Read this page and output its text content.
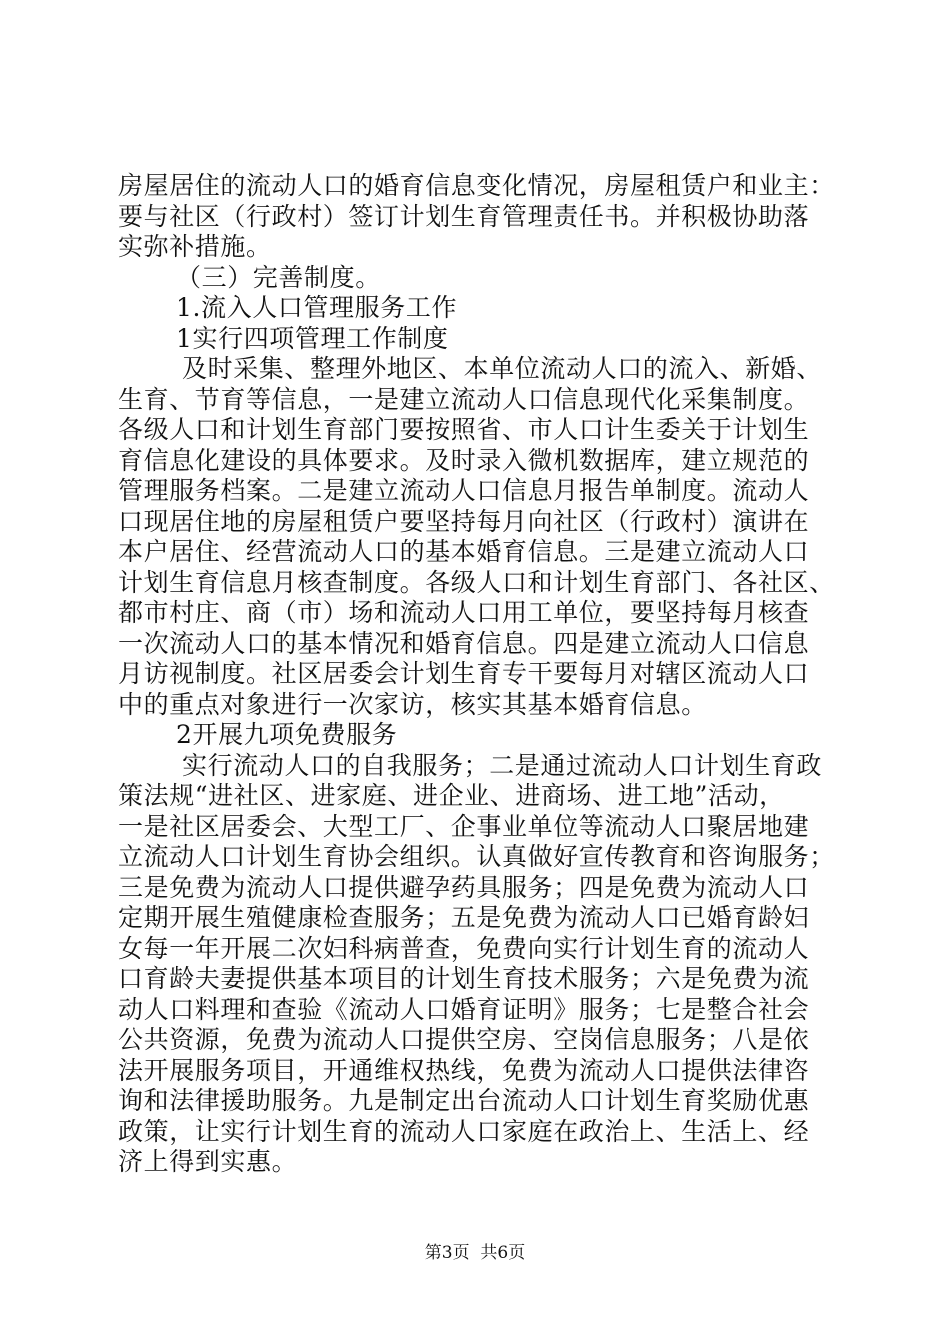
房屋居住的流动人口的婚育信息变化情况，房屋租赁户和业主：
要与社区（行政村）签订计划生育管理责任书。并积极协助落
实弥补措施。
（三）完善制度。
1.流入人口管理服务工作
1实行四项管理工作制度
及时采集、整理外地区、本单位流动人口的流入、新婚、
生育、节育等信息，一是建立流动人口信息现代化采集制度。
各级人口和计划生育部门要按照省、市人口计生委关于计划生
育信息化建设的具体要求。及时录入微机数据库，建立规范的
管理服务档案。二是建立流动人口信息月报告单制度。流动人
口现居住地的房屋租赁户要坚持每月向社区（行政村）演讲在
本户居住、经营流动人口的基本婚育信息。三是建立流动人口
计划生育信息月核查制度。各级人口和计划生育部门、各社区、
都市村庄、商（市）场和流动人口用工单位，要坚持每月核查
一次流动人口的基本情况和婚育信息。四是建立流动人口信息
月访视制度。社区居委会计划生育专干要每月对辖区流动人口
中的重点对象进行一次家访，核实其基本婚育信息。
2开展九项免费服务
实行流动人口的自我服务；二是通过流动人口计划生育政
策法规“进社区、进家庭、进企业、进商场、进工地”活动，
一是社区居委会、大型工厂、企事业单位等流动人口聚居地建
立流动人口计划生育协会组织。认真做好宣传教育和咨询服务；
三是免费为流动人口提供避孕药具服务；四是免费为流动人口
定期开展生殖健康检查服务；五是免费为流动人口已婚育龄妇
女每一年开展二次妇科病普查，免费向实行计划生育的流动人
口育龄夫妻提供基本项目的计划生育技术服务；六是免费为流
动人口料理和查验《流动人口婚育证明》服务；七是整合社会
公共资源，免费为流动人口提供空房、空岗信息服务；八是依
法开展服务项目，开通维权热线，免费为流动人口提供法律咨
询和法律援助服务。九是制定出台流动人口计划生育奖励优惠
政策，让实行计划生育的流动人口家庭在政治上、生活上、经
济上得到实惠。
第3页 共6页
